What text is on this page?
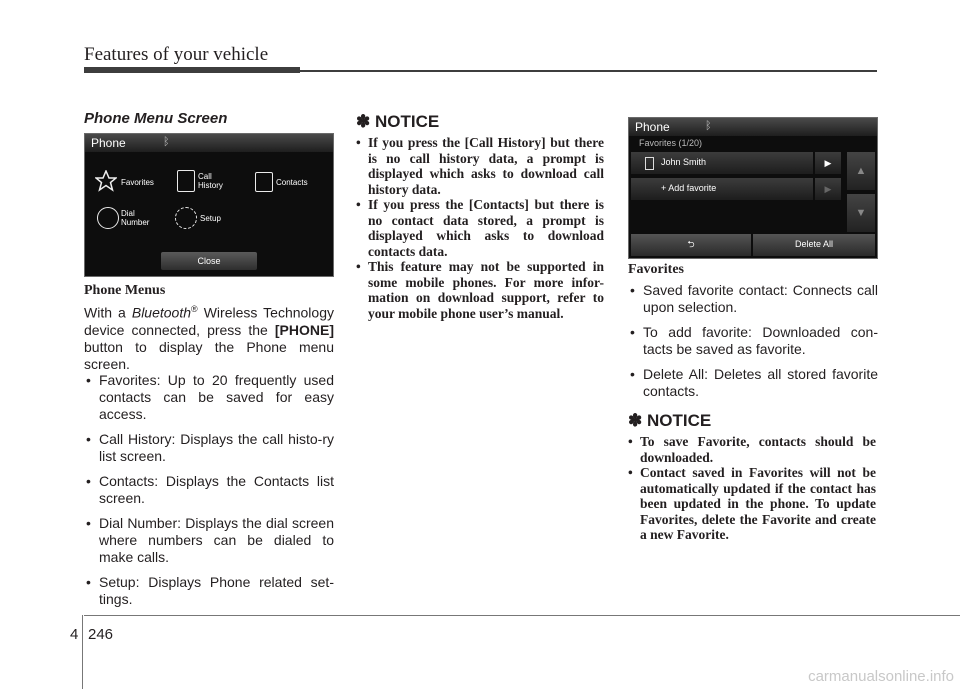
Features of your vehicle
Phone Menu Screen
Phone	ᛒ
Favorites
Call
History	Contacts
Dial
Number	Setup
Close
Phone Menus
With a Bluetooth® Wireless Technology device connected, press the [PHONE] button to display the Phone menu screen.
• Favorites: Up to 20 frequently used contacts can be saved for easy access.
• Call History: Displays the call histo-ry list screen.
• Contacts: Displays the Contacts list screen.
• Dial Number: Displays the dial screen where numbers can be dialed to make calls.
• Setup: Displays Phone related set-tings.
✽ NOTICE
• If you press the [Call History] but there is no call history data, a prompt is displayed which asks to download call history data.
• If you press the [Contacts] but there is no contact data stored, a prompt is displayed which asks to download contacts data.
• This feature may not be supported in some mobile phones. For more infor-mation on download support, refer to your mobile phone user’s manual.
Phone	ᛒ
Favorites (1/20)
John Smith	▶
+ Add favorite	▶
▲
▼
⮌	Delete All
Favorites
• Saved favorite contact: Connects call upon selection.
• To add favorite: Downloaded con-tacts be saved as favorite.
• Delete All: Deletes all stored favorite contacts.
✽ NOTICE
• To save Favorite, contacts should be downloaded.
• Contact saved in Favorites will not be automatically updated if the contact has been updated in the phone. To update Favorites, delete the Favorite and create a new Favorite.
4 246
carmanualsonline.info
